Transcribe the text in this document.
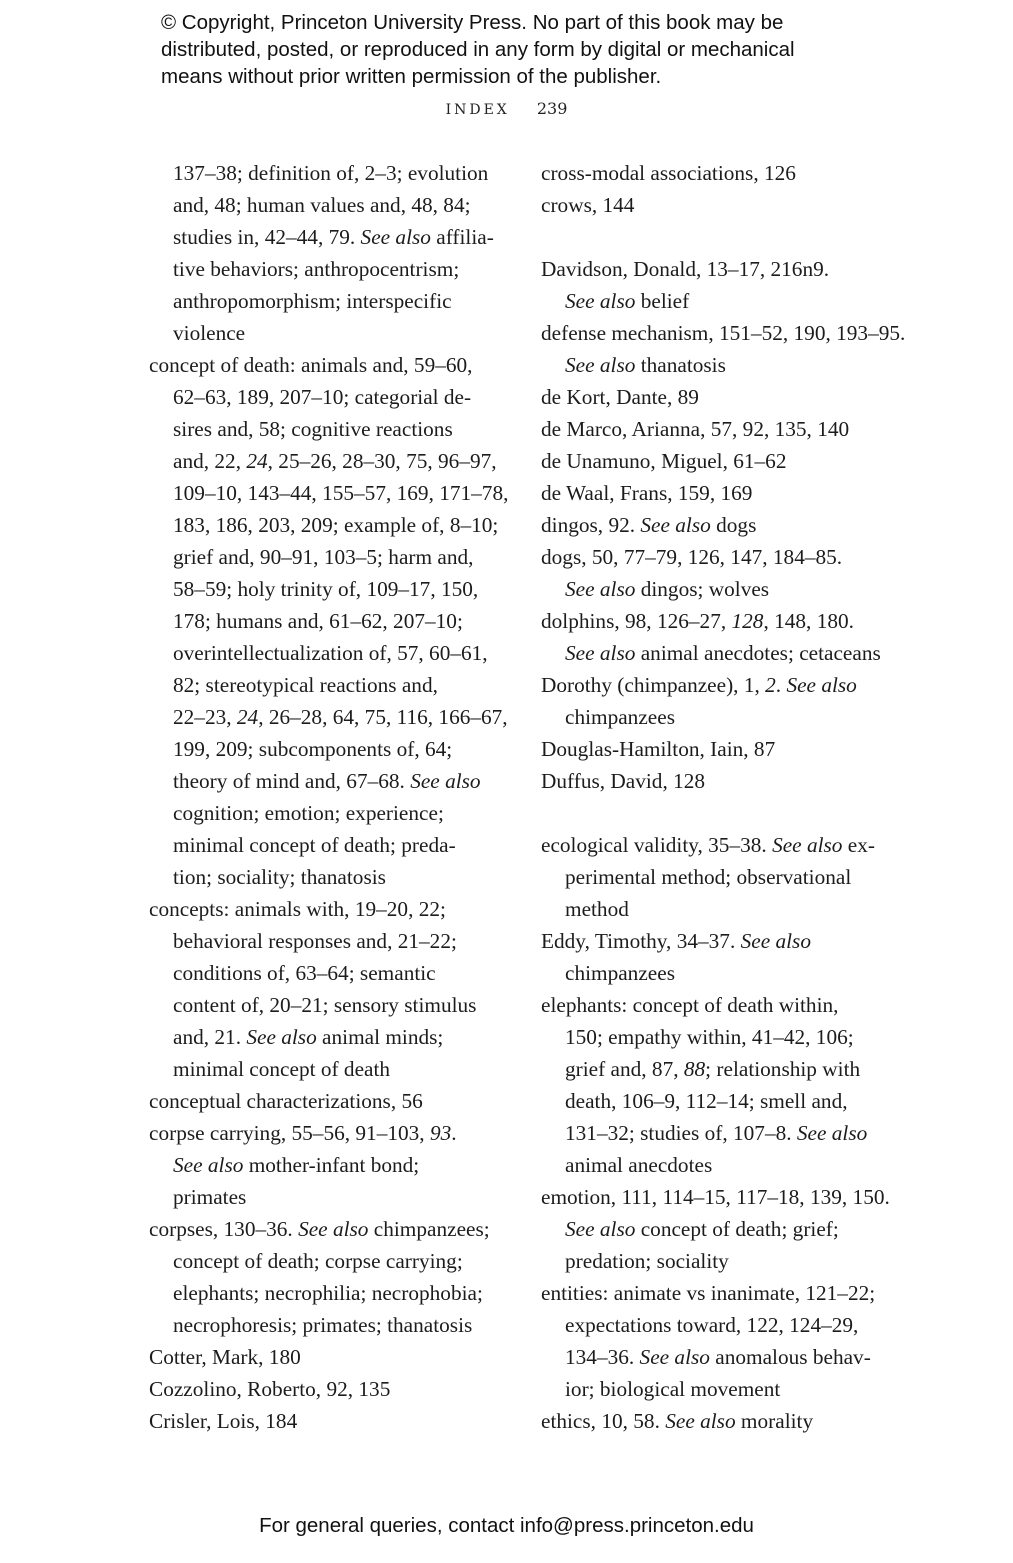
© Copyright, Princeton University Press. No part of this book may be
distributed, posted, or reproduced in any form by digital or mechanical
means without prior written permission of the publisher.
INDEX 239
137–38; definition of, 2–3; evolution
and, 48; human values and, 48, 84;
studies in, 42–44, 79. See also affilia-
tive behaviors; anthropocentrism;
anthropomorphism; interspecific
violence
concept of death: animals and, 59–60,
62–63, 189, 207–10; categorial de-
sires and, 58; cognitive reactions
and, 22, 24, 25–26, 28–30, 75, 96–97,
109–10, 143–44, 155–57, 169, 171–78,
183, 186, 203, 209; example of, 8–10;
grief and, 90–91, 103–5; harm and,
58–59; holy trinity of, 109–17, 150,
178; humans and, 61–62, 207–10;
overintellectualization of, 57, 60–61,
82; stereotypical reactions and,
22–23, 24, 26–28, 64, 75, 116, 166–67,
199, 209; subcomponents of, 64;
theory of mind and, 67–68. See also
cognition; emotion; experience;
minimal concept of death; preda-
tion; sociality; thanatosis
concepts: animals with, 19–20, 22;
behavioral responses and, 21–22;
conditions of, 63–64; semantic
content of, 20–21; sensory stimulus
and, 21. See also animal minds;
minimal concept of death
conceptual characterizations, 56
corpse carrying, 55–56, 91–103, 93.
See also mother-infant bond;
primates
corpses, 130–36. See also chimpanzees;
concept of death; corpse carrying;
elephants; necrophilia; necrophobia;
necrophoresis; primates; thanatosis
Cotter, Mark, 180
Cozzolino, Roberto, 92, 135
Crisler, Lois, 184
cross-modal associations, 126
crows, 144
Davidson, Donald, 13–17, 216n9.
See also belief
defense mechanism, 151–52, 190, 193–95.
See also thanatosis
de Kort, Dante, 89
de Marco, Arianna, 57, 92, 135, 140
de Unamuno, Miguel, 61–62
de Waal, Frans, 159, 169
dingos, 92. See also dogs
dogs, 50, 77–79, 126, 147, 184–85.
See also dingos; wolves
dolphins, 98, 126–27, 128, 148, 180.
See also animal anecdotes; cetaceans
Dorothy (chimpanzee), 1, 2. See also
chimpanzees
Douglas-Hamilton, Iain, 87
Duffus, David, 128
ecological validity, 35–38. See also ex-
perimental method; observational
method
Eddy, Timothy, 34–37. See also
chimpanzees
elephants: concept of death within,
150; empathy within, 41–42, 106;
grief and, 87, 88; relationship with
death, 106–9, 112–14; smell and,
131–32; studies of, 107–8. See also
animal anecdotes
emotion, 111, 114–15, 117–18, 139, 150.
See also concept of death; grief;
predation; sociality
entities: animate vs inanimate, 121–22;
expectations toward, 122, 124–29,
134–36. See also anomalous behav-
ior; biological movement
ethics, 10, 58. See also morality
For general queries, contact info@press.princeton.edu
